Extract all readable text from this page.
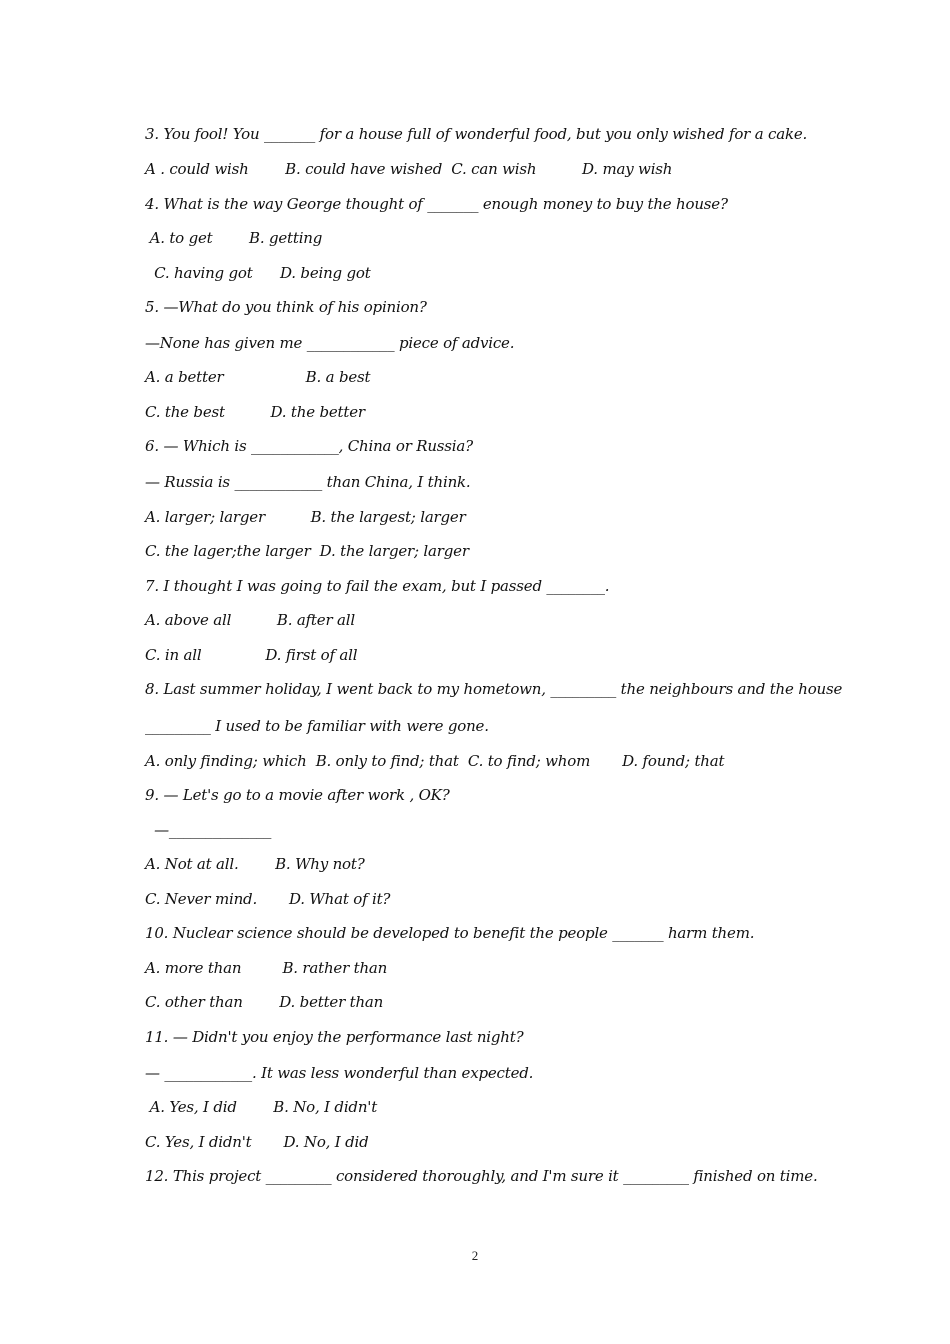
3. You fool! You _______ for a house full of wonderful food, but you only wished for a cake.
A . could wish        B. could have wished  C. can wish          D. may wish
4. What is the way George thought of _______ enough money to buy the house?
A. to get        B. getting
C. having got      D. being got
5. —What do you think of his opinion?
—None has given me ____________ piece of advice.
A. a better                  B. a best
C. the best          D. the better
6. — Which is ____________, China or Russia?
— Russia is ____________ than China, I think.
A. larger; larger          B. the largest; larger
C. the lager;the larger  D. the larger; larger
7. I thought I was going to fail the exam, but I passed ________.
A. above all          B. after all
C. in all              D. first of all
8. Last summer holiday, I went back to my hometown, _________ the neighbours and the house
_________ I used to be familiar with were gone.
A. only finding; which  B. only to find; that  C. to find; whom       D. found; that
9. — Let's go to a movie after work , OK?
—______________
A. Not at all.        B. Why not?
C. Never mind.       D. What of it?
10. Nuclear science should be developed to benefit the people _______ harm them.
A. more than         B. rather than
C. other than        D. better than
11. — Didn't you enjoy the performance last night?
— ____________. It was less wonderful than expected.
A. Yes, I did        B. No, I didn't
C. Yes, I didn't       D. No, I did
12. This project _________ considered thoroughly, and I'm sure it _________ finished on time.
2
